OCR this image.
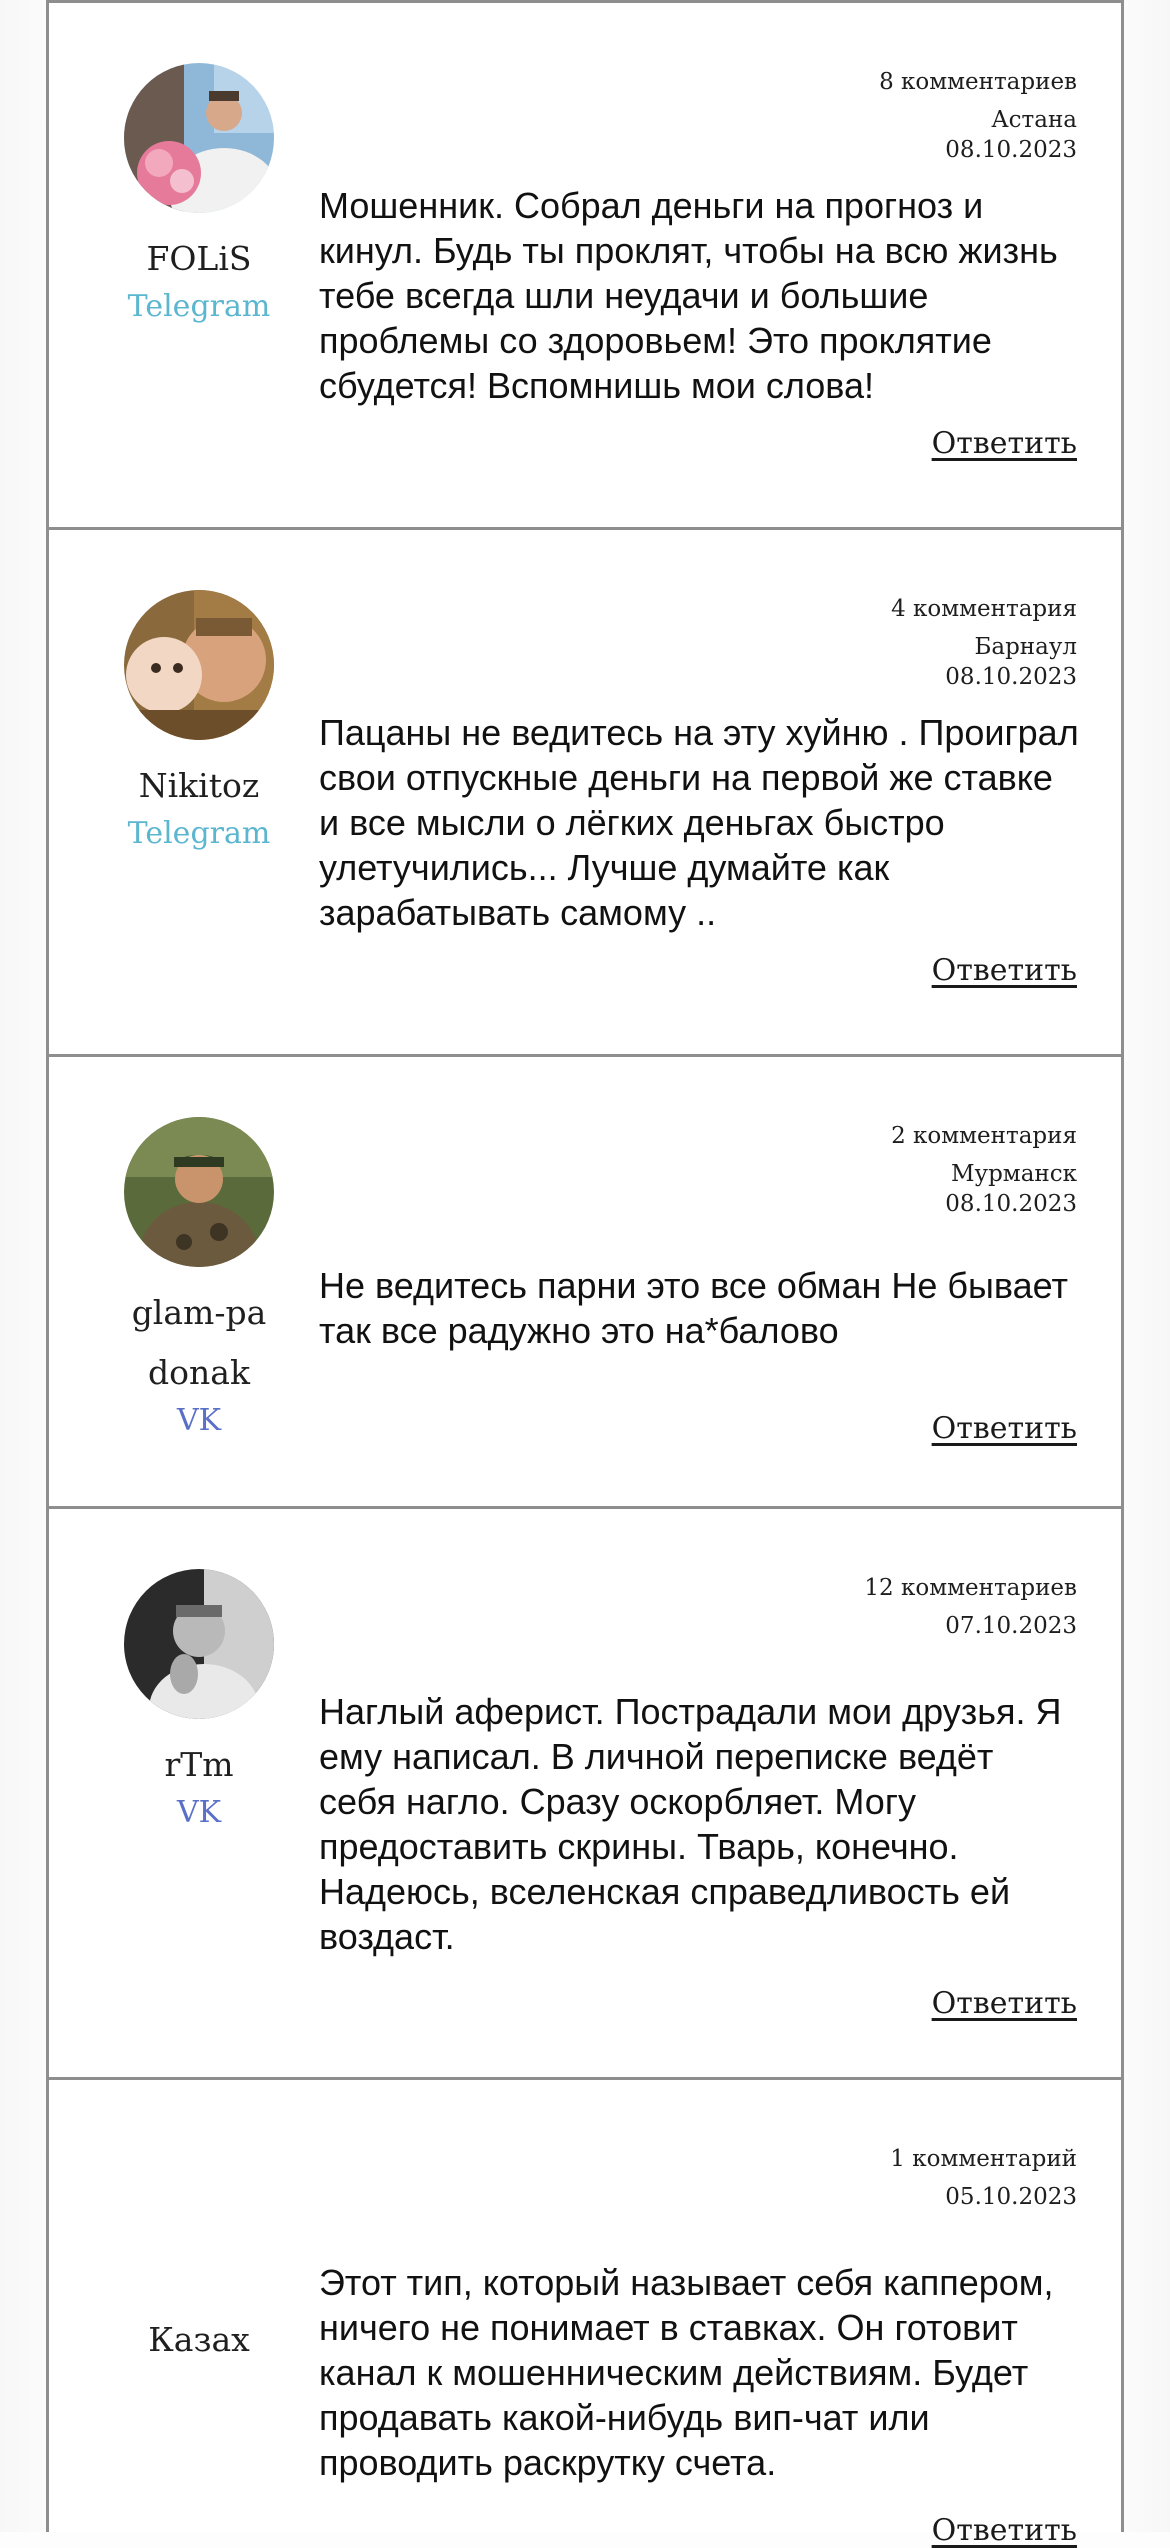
FOLiS
Telegram
8 комментариев
Астана
08.10.2023
Мошенник. Собрал деньги на прогноз и кинул. Будь ты проклят, чтобы на всю жизнь тебе всегда шли неудачи и большие проблемы со здоровьем! Это проклятие сбудется! Вспомнишь мои слова!
Ответить
Nikitoz
Telegram
4 комментария
Барнаул
08.10.2023
Пацаны не ведитесь на эту хуйню . Проиграл свои отпускные деньги на первой же ставке и все мысли о лёгких деньгах быстро улетучились... Лучше думайте как зарабатывать самому ..
Ответить
glam-padonak
VK
2 комментария
Мурманск
08.10.2023
Не ведитесь парни это все обман Не бывает так все радужно это на*балово
Ответить
rTm
VK
12 комментариев
07.10.2023
Наглый аферист. Пострадали мои друзья. Я ему написал. В личной переписке ведёт себя нагло. Сразу оскорбляет. Могу предоставить скрины. Тварь, конечно. Надеюсь, вселенская справедливость ей воздаст.
Ответить
Казах
1 комментарий
05.10.2023
Этот тип, который называет себя каппером, ничего не понимает в ставках. Он готовит канал к мошенническим действиям. Будет продавать какой-нибудь вип-чат или проводить раскрутку счета.
Ответить
